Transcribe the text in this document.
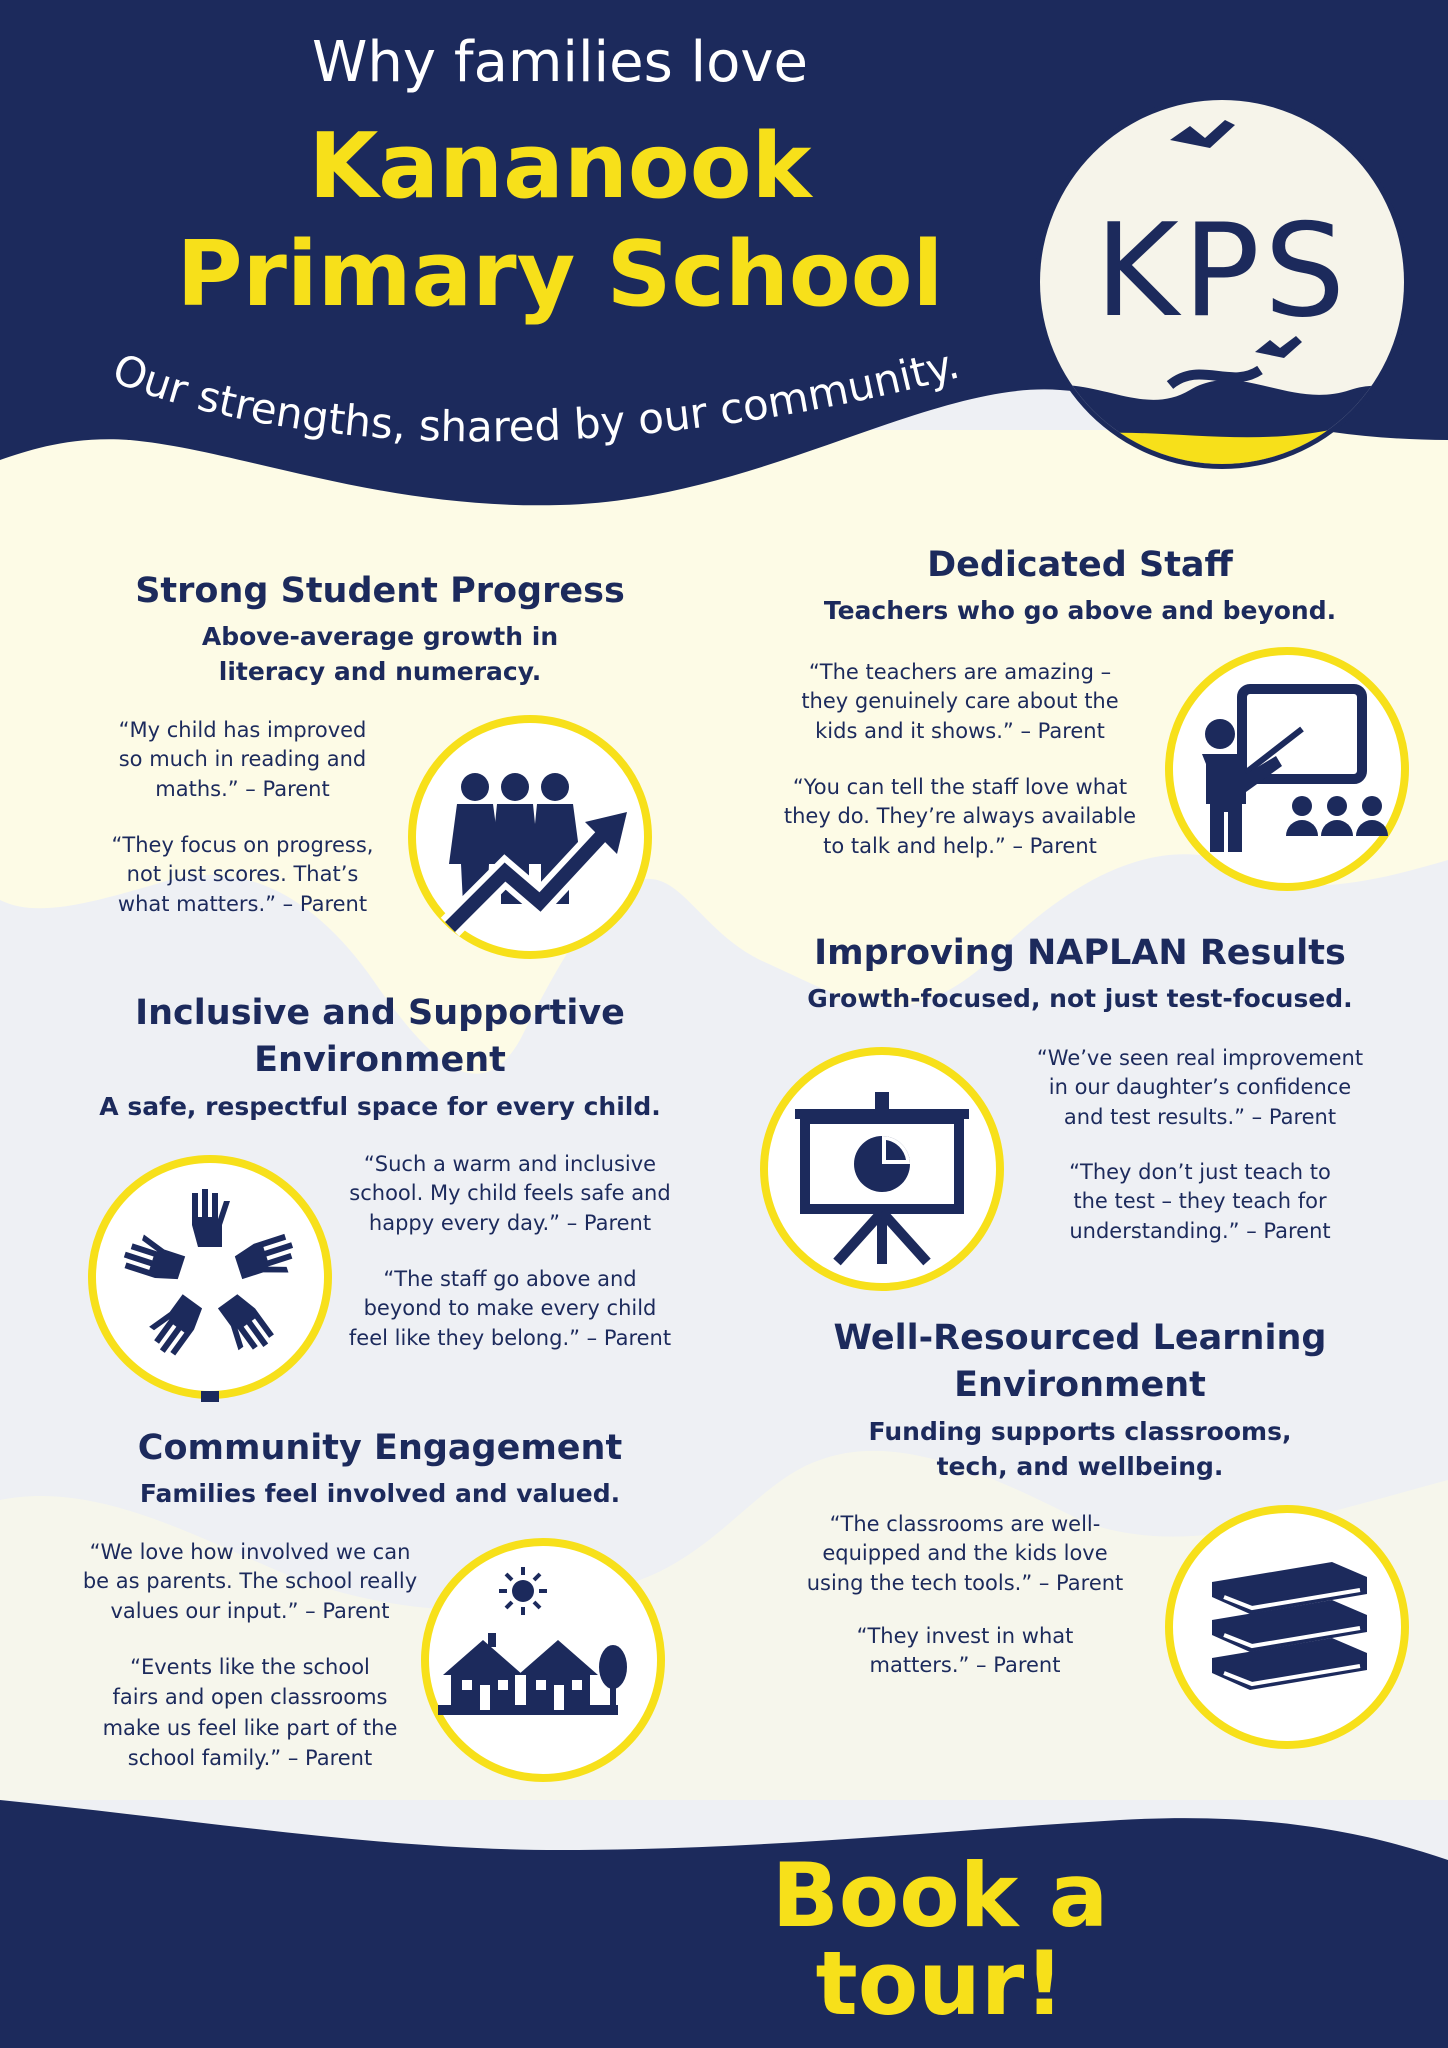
Why families love
Kananook
Primary School
Our strengths, shared by our community.
KPS
Strong Student Progress
Above-average growth in
literacy and numeracy.
“My child has improved
so much in reading and
maths.” – Parent
“They focus on progress,
not just scores. That’s
what matters.” – Parent
Dedicated Staff
Teachers who go above and beyond.
“The teachers are amazing –
they genuinely care about the
kids and it shows.” – Parent
“You can tell the staff love what
they do. They’re always available
to talk and help.” – Parent
Improving NAPLAN Results
Growth-focused, not just test-focused.
“We’ve seen real improvement
in our daughter’s confidence
and test results.” – Parent
“They don’t just teach to
the test – they teach for
understanding.” – Parent
Inclusive and Supportive
Environment
A safe, respectful space for every child.
“Such a warm and inclusive
school. My child feels safe and
happy every day.” – Parent
“The staff go above and
beyond to make every child
feel like they belong.” – Parent	Well-Resourced Learning
Environment
Funding supports classrooms,
tech, and wellbeing.
“The classrooms are well-
equipped and the kids love
using the tech tools.” – Parent
“They invest in what
matters.” – Parent
Community Engagement
Families feel involved and valued.
“We love how involved we can
be as parents. The school really
values our input.” – Parent
“Events like the school
fairs and open classrooms
make us feel like part of the
school family.” – Parent
Book a tour!
